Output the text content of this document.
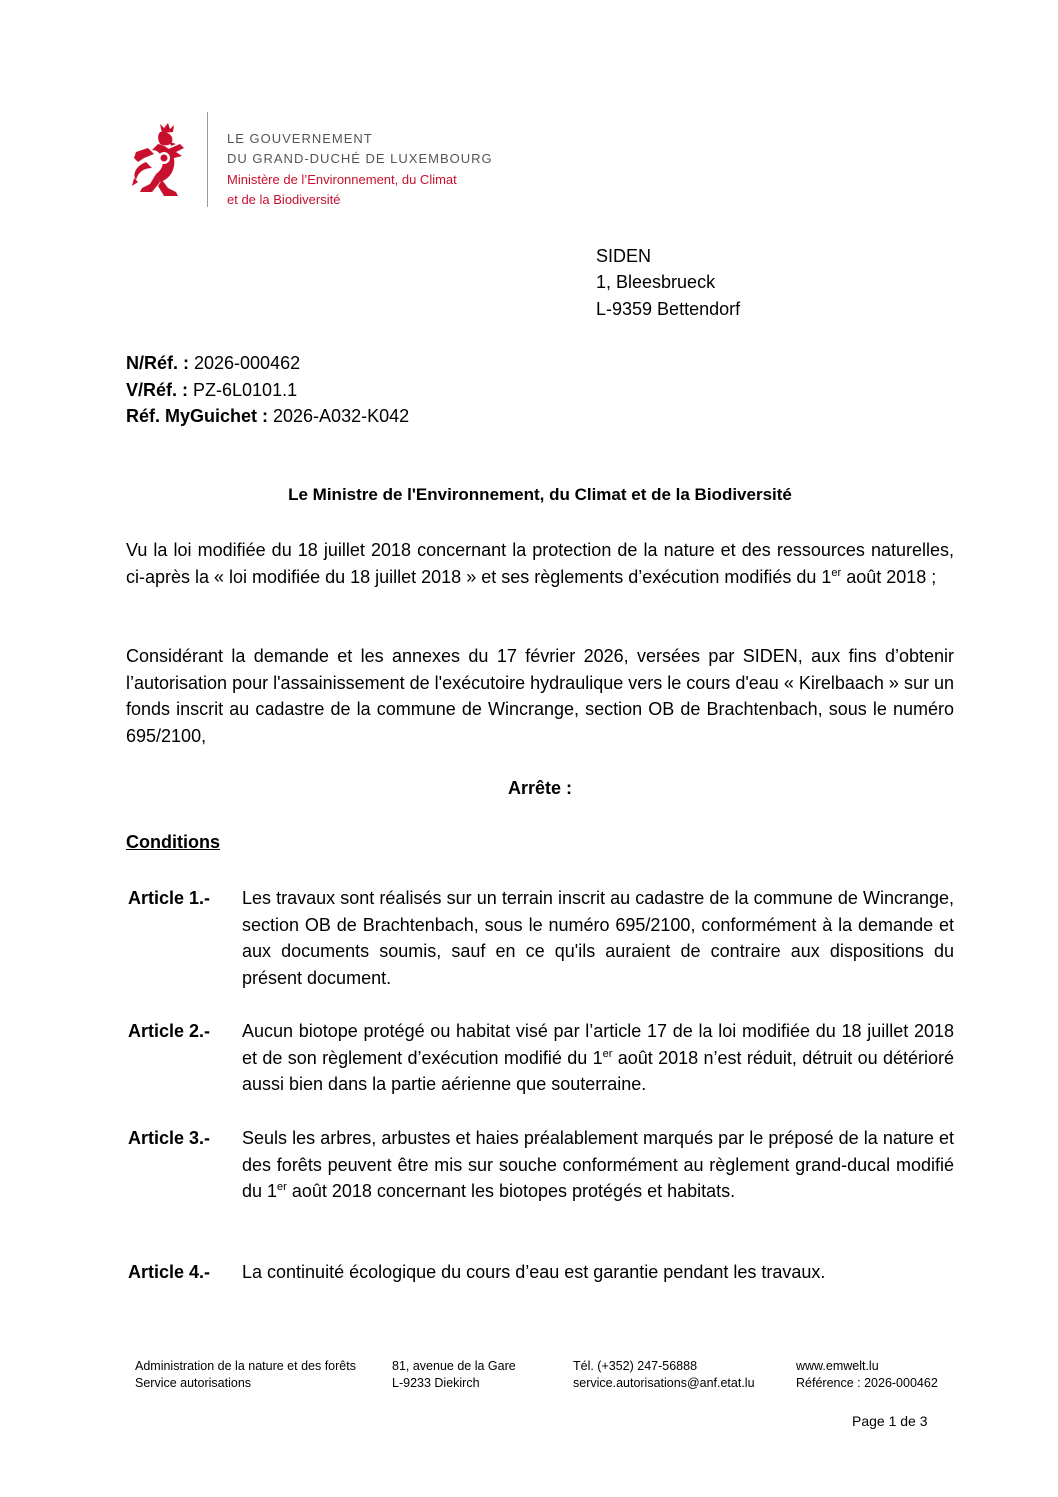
LE GOUVERNEMENT
DU GRAND-DUCHÉ DE LUXEMBOURG
Ministère de l’Environnement, du Climat
et de la Biodiversité
SIDEN
1, Bleesbrueck
L-9359 Bettendorf
N/Réf. : 2026-000462
V/Réf. : PZ-6L0101.1
Réf. MyGuichet : 2026-A032-K042
Le Ministre de l'Environnement, du Climat et de la Biodiversité
Vu la loi modifiée du 18 juillet 2018 concernant la protection de la nature et des ressources naturelles, ci-après la « loi modifiée du 18 juillet 2018 » et ses règlements d’exécution modifiés du 1er août 2018 ;
Considérant la demande et les annexes du 17 février 2026, versées par SIDEN, aux fins d’obtenir l’autorisation pour l'assainissement de l'exécutoire hydraulique vers le cours d'eau « Kirelbaach » sur un fonds inscrit au cadastre de la commune de Wincrange, section OB de Brachtenbach, sous le numéro 695/2100,
Arrête :
Conditions
Article 1.- Les travaux sont réalisés sur un terrain inscrit au cadastre de la commune de Wincrange, section OB de Brachtenbach, sous le numéro 695/2100, conformément à la demande et aux documents soumis, sauf en ce qu'ils auraient de contraire aux dispositions du présent document.
Article 2.- Aucun biotope protégé ou habitat visé par l’article 17 de la loi modifiée du 18 juillet 2018 et de son règlement d’exécution modifié du 1er août 2018 n’est réduit, détruit ou détérioré aussi bien dans la partie aérienne que souterraine.
Article 3.- Seuls les arbres, arbustes et haies préalablement marqués par le préposé de la nature et des forêts peuvent être mis sur souche conformément au règlement grand-ducal modifié du 1er août 2018 concernant les biotopes protégés et habitats.
Article 4.- La continuité écologique du cours d’eau est garantie pendant les travaux.
Administration de la nature et des forêts
Service autorisations
81, avenue de la Gare
L-9233 Diekirch
Tél. (+352) 247-56888
service.autorisations@anf.etat.lu
www.emwelt.lu
Référence : 2026-000462
Page 1 de 3
